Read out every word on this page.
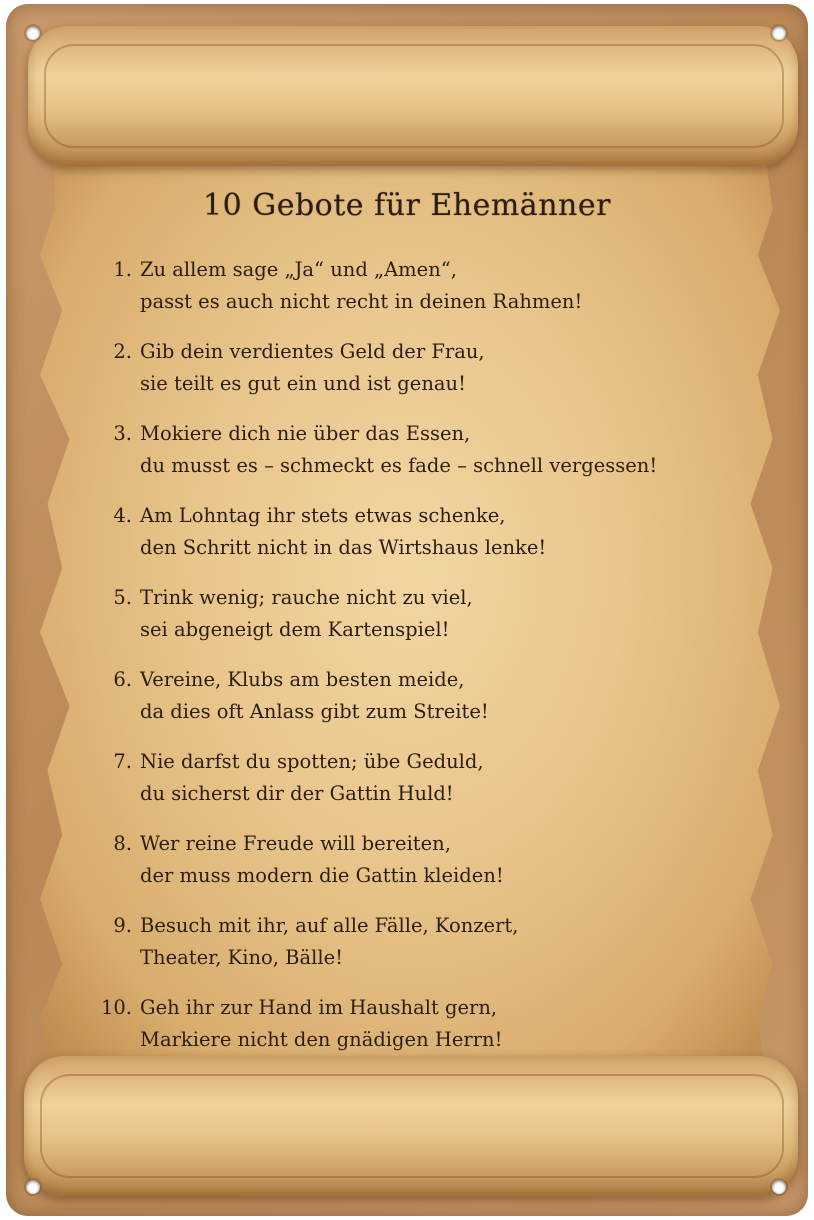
10 Gebote für Ehemänner
1. Zu allem sage „Ja“ und „Amen“,
passt es auch nicht recht in deinen Rahmen!
2. Gib dein verdientes Geld der Frau,
sie teilt es gut ein und ist genau!
3. Mokiere dich nie über das Essen,
du musst es – schmeckt es fade – schnell vergessen!
4. Am Lohntag ihr stets etwas schenke,
den Schritt nicht in das Wirtshaus lenke!
5. Trink wenig; rauche nicht zu viel,
sei abgeneigt dem Kartenspiel!
6. Vereine, Klubs am besten meide,
da dies oft Anlass gibt zum Streite!
7. Nie darfst du spotten; übe Geduld,
du sicherst dir der Gattin Huld!
8. Wer reine Freude will bereiten,
der muss modern die Gattin kleiden!
9. Besuch mit ihr, auf alle Fälle, Konzert,
Theater, Kino, Bälle!
10. Geh ihr zur Hand im Haushalt gern,
Markiere nicht den gnädigen Herrn!
